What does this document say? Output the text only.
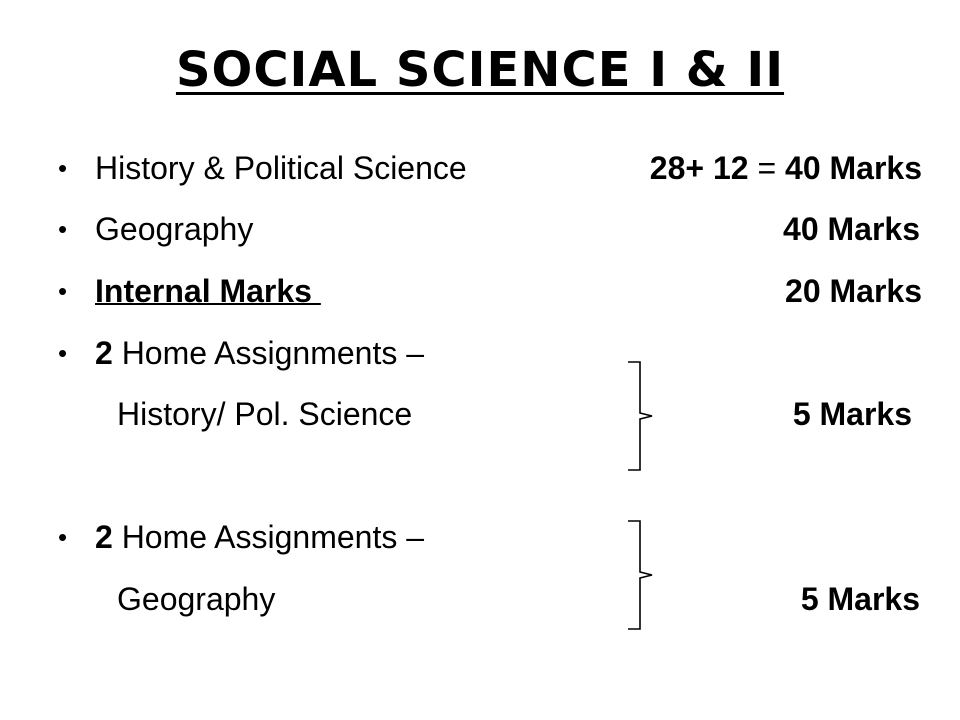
SOCIAL SCIENCE I & II
• History & Political Science	28+ 12 = 40 Marks
• Geography	40 Marks
• Internal Marks	20 Marks
• 2 Home Assignments –
History/ Pol. Science	5 Marks
• 2 Home Assignments –
Geography	5 Marks
